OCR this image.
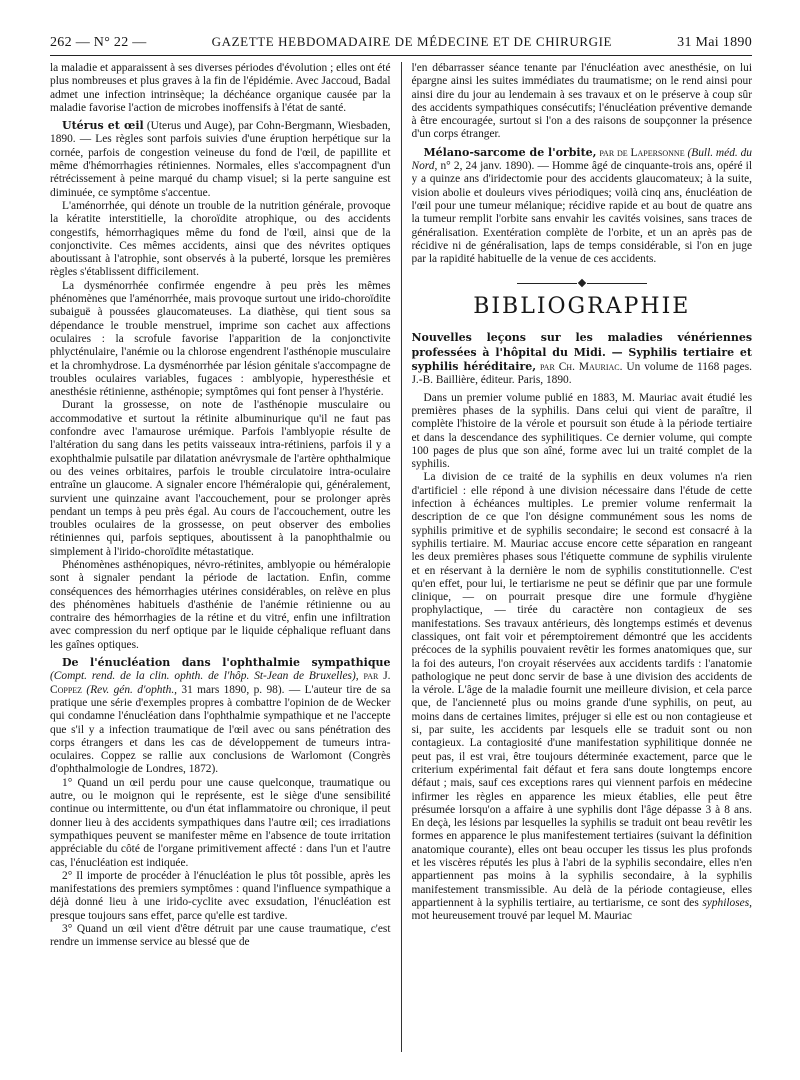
262 — N° 22 —	GAZETTE HEBDOMADAIRE DE MÉDECINE ET DE CHIRURGIE	31 Mai 1890

la maladie et apparaissent à ses diverses périodes d'évolution ; elles ont été plus nombreuses et plus graves à la fin de l'épidémie. Avec Jaccoud, Badal admet une infection intrinsèque; la déchéance organique causée par la maladie favorise l'action de microbes inoffensifs à l'état de santé.

Utérus et œil (Uterus und Auge), par Cohn-Bergmann, Wiesbaden, 1890. — Les règles sont parfois suivies d'une éruption herpétique sur la cornée, parfois de congestion veineuse du fond de l'œil, de papillite et même d'hémorrhagies rétiniennes. Normales, elles s'accompagnent d'un rétrécissement à peine marqué du champ visuel; si la perte sanguine est diminuée, ce symptôme s'accentue.

L'aménorrhée, qui dénote un trouble de la nutrition générale, provoque la kératite interstitielle, la choroïdite atrophique, ou des accidents congestifs, hémorrhagiques même du fond de l'œil, ainsi que de la conjonctivite. Ces mêmes accidents, ainsi que des névrites optiques aboutissant à l'atrophie, sont observés à la puberté, lorsque les premières règles s'établissent difficilement.

La dysménorrhée confirmée engendre à peu près les mêmes phénomènes que l'aménorrhée, mais provoque surtout une irido-choroïdite subaiguë à poussées glaucomateuses. La diathèse, qui tient sous sa dépendance le trouble menstruel, imprime son cachet aux affections oculaires : la scrofule favorise l'apparition de la conjonctivite phlycténulaire, l'anémie ou la chlorose engendrent l'asthénopie musculaire et la chromhydrose. La dysménorrhée par lésion génitale s'accompagne de troubles oculaires variables, fugaces : amblyopie, hyperesthésie et anesthésie rétinienne, asthénopie; symptômes qui font penser à l'hystérie.

Durant la grossesse, on note de l'asthénopie musculaire ou accommodative et surtout la rétinite albuminurique qu'il ne faut pas confondre avec l'amaurose urémique. Parfois l'amblyopie résulte de l'altération du sang dans les petits vaisseaux intra-rétiniens, parfois il y a exophthalmie pulsatile par dilatation anévrysmale de l'artère ophthalmique ou des veines orbitaires, parfois le trouble circulatoire intra-oculaire entraîne un glaucome. A signaler encore l'héméralopie qui, généralement, survient une quinzaine avant l'accouchement, pour se prolonger après pendant un temps à peu près égal. Au cours de l'accouchement, outre les troubles oculaires de la grossesse, on peut observer des embolies rétiniennes qui, parfois septiques, aboutissent à la panophthalmie ou simplement à l'irido-choroïdite métastatique.

Phénomènes asthénopiques, névro-rétinites, amblyopie ou héméralopie sont à signaler pendant la période de lactation. Enfin, comme conséquences des hémorrhagies utérines considérables, on relève en plus des phénomènes habituels d'asthénie de l'anémie rétinienne ou au contraire des hémorrhagies de la rétine et du vitré, enfin une infiltration avec compression du nerf optique par le liquide céphalique refluant dans les gaînes optiques.

De l'énucléation dans l'ophthalmie sympathique (Compt. rend. de la clin. ophth. de l'hôp. St-Jean de Bruxelles), par J. Coppez (Rev. gén. d'ophth., 31 mars 1890, p. 98). — L'auteur tire de sa pratique une série d'exemples propres à combattre l'opinion de de Wecker qui condamne l'énucléation dans l'ophthalmie sympathique et ne l'accepte que s'il y a infection traumatique de l'œil avec ou sans pénétration des corps étrangers et dans les cas de développement de tumeurs intra-oculaires. Coppez se rallie aux conclusions de Warlomont (Congrès d'ophthalmologie de Londres, 1872).

1° Quand un œil perdu pour une cause quelconque, traumatique ou autre, ou le moignon qui le représente, est le siège d'une sensibilité continue ou intermittente, ou d'un état inflammatoire ou chronique, il peut donner lieu à des accidents sympathiques dans l'autre œil; ces irradiations sympathiques peuvent se manifester même en l'absence de toute irritation appréciable du côté de l'organe primitivement affecté : dans l'un et l'autre cas, l'énucléation est indiquée.

2° Il importe de procéder à l'énucléation le plus tôt possible, après les manifestations des premiers symptômes : quand l'influence sympathique a déjà donné lieu à une irido-cyclite avec exsudation, l'énucléation est presque toujours sans effet, parce qu'elle est tardive.

3° Quand un œil vient d'être détruit par une cause traumatique, c'est rendre un immense service au blessé que de

l'en débarrasser séance tenante par l'énucléation avec anesthésie, on lui épargne ainsi les suites immédiates du traumatisme; on le rend ainsi pour ainsi dire du jour au lendemain à ses travaux et on le préserve à coup sûr des accidents sympathiques consécutifs; l'énucléation préventive demande à être encouragée, surtout si l'on a des raisons de soupçonner la présence d'un corps étranger.

Mélano-sarcome de l'orbite, par de Lapersonne (Bull. méd. du Nord, n° 2, 24 janv. 1890). — Homme âgé de cinquante-trois ans, opéré il y a quinze ans d'iridectomie pour des accidents glaucomateux; à la suite, vision abolie et douleurs vives périodiques; voilà cinq ans, énucléation de l'œil pour une tumeur mélanique; récidive rapide et au bout de quatre ans la tumeur remplit l'orbite sans envahir les cavités voisines, sans traces de généralisation. Exentération complète de l'orbite, et un an après pas de récidive ni de généralisation, laps de temps considérable, si l'on en juge par la rapidité habituelle de la venue de ces accidents.

BIBLIOGRAPHIE

Nouvelles leçons sur les maladies vénériennes professées à l'hôpital du Midi. — Syphilis tertiaire et syphilis héréditaire, par Ch. Mauriac. Un volume de 1168 pages. J.-B. Baillière, éditeur. Paris, 1890.

Dans un premier volume publié en 1883, M. Mauriac avait étudié les premières phases de la syphilis. Dans celui qui vient de paraître, il complète l'histoire de la vérole et poursuit son étude à la période tertiaire et dans la descendance des syphilitiques. Ce dernier volume, qui compte 100 pages de plus que son aîné, forme avec lui un traité complet de la syphilis.

La division de ce traité de la syphilis en deux volumes n'a rien d'artificiel : elle répond à une division nécessaire dans l'étude de cette infection à échéances multiples. Le premier volume renfermait la description de ce que l'on désigne communément sous les noms de syphilis primitive et de syphilis secondaire; le second est consacré à la syphilis tertiaire. M. Mauriac accuse encore cette séparation en rangeant les deux premières phases sous l'étiquette commune de syphilis virulente et en réservant à la dernière le nom de syphilis constitutionnelle. C'est qu'en effet, pour lui, le tertiarisme ne peut se définir que par une formule clinique, — on pourrait presque dire une formule d'hygiène prophylactique, — tirée du caractère non contagieux de ses manifestations. Ses travaux antérieurs, dès longtemps estimés et devenus classiques, ont fait voir et péremptoirement démontré que les accidents précoces de la syphilis pouvaient revêtir les formes anatomiques que, sur la foi des auteurs, l'on croyait réservées aux accidents tardifs : l'anatomie pathologique ne peut donc servir de base à une division des accidents de la vérole. L'âge de la maladie fournit une meilleure division, et cela parce que, de l'ancienneté plus ou moins grande d'une syphilis, on peut, au moins dans de certaines limites, préjuger si elle est ou non contagieuse et si, par suite, les accidents par lesquels elle se traduit sont ou non contagieux. La contagiosité d'une manifestation syphilitique donnée ne peut pas, il est vrai, être toujours déterminée exactement, parce que le criterium expérimental fait défaut et fera sans doute longtemps encore défaut ; mais, sauf ces exceptions rares qui viennent parfois en médecine infirmer les règles en apparence les mieux établies, elle peut être présumée lorsqu'on a affaire à une syphilis dont l'âge dépasse 3 à 8 ans. En deçà, les lésions par lesquelles la syphilis se traduit ont beau revêtir les formes en apparence le plus manifestement tertiaires (suivant la définition anatomique courante), elles ont beau occuper les tissus les plus profonds et les viscères réputés les plus à l'abri de la syphilis secondaire, elles n'en appartiennent pas moins à la syphilis secondaire, à la syphilis manifestement transmissible. Au delà de la période contagieuse, elles appartiennent à la syphilis tertiaire, au tertiarisme, ce sont des syphiloses, mot heureusement trouvé par lequel M. Mauriac
